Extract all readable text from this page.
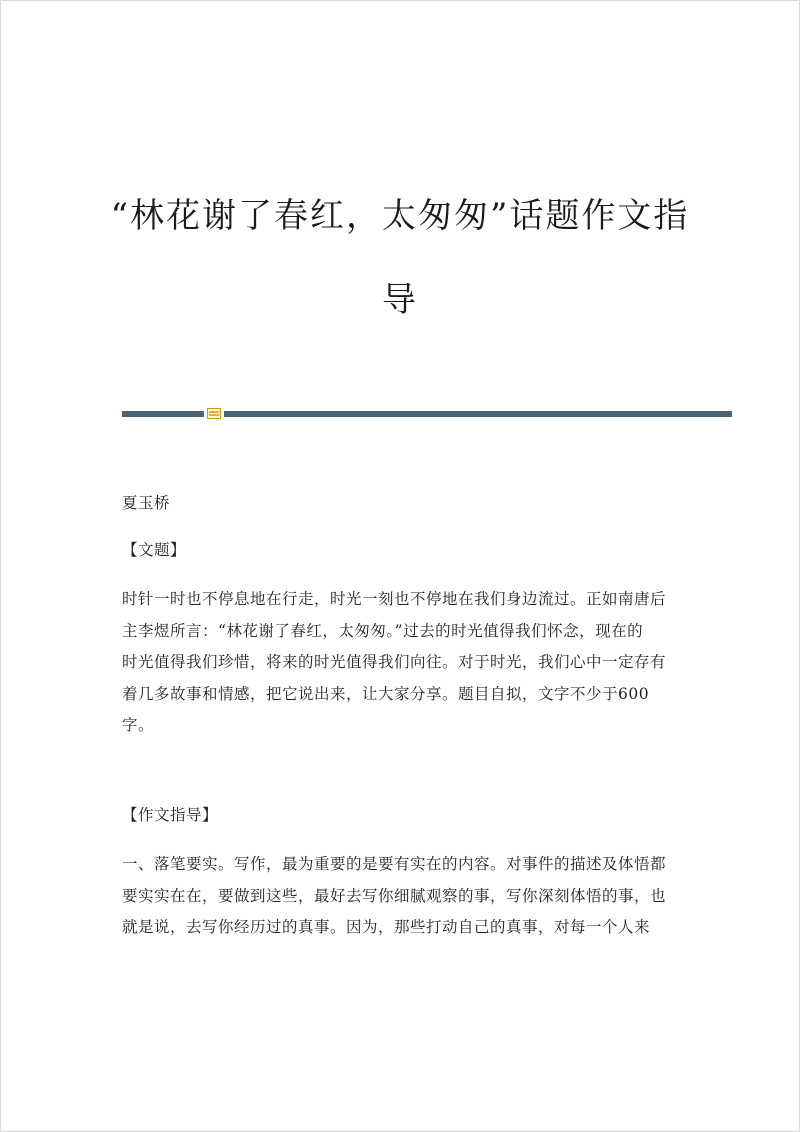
“林花谢了春红，太匆匆”话题作文指
导

夏玉桥

【文题】

时针一时也不停息地在行走，时光一刻也不停地在我们身边流过。正如南唐后
主李煜所言：“林花谢了春红，太匆匆。”过去的时光值得我们怀念，现在的
时光值得我们珍惜，将来的时光值得我们向往。对于时光，我们心中一定存有
着几多故事和情感，把它说出来，让大家分享。题目自拟，文字不少于600
字。

【作文指导】

一、落笔要实。写作，最为重要的是要有实在的内容。对事件的描述及体悟都
要实实在在，要做到这些，最好去写你细腻观察的事，写你深刻体悟的事，也
就是说，去写你经历过的真事。因为，那些打动自己的真事，对每一个人来
